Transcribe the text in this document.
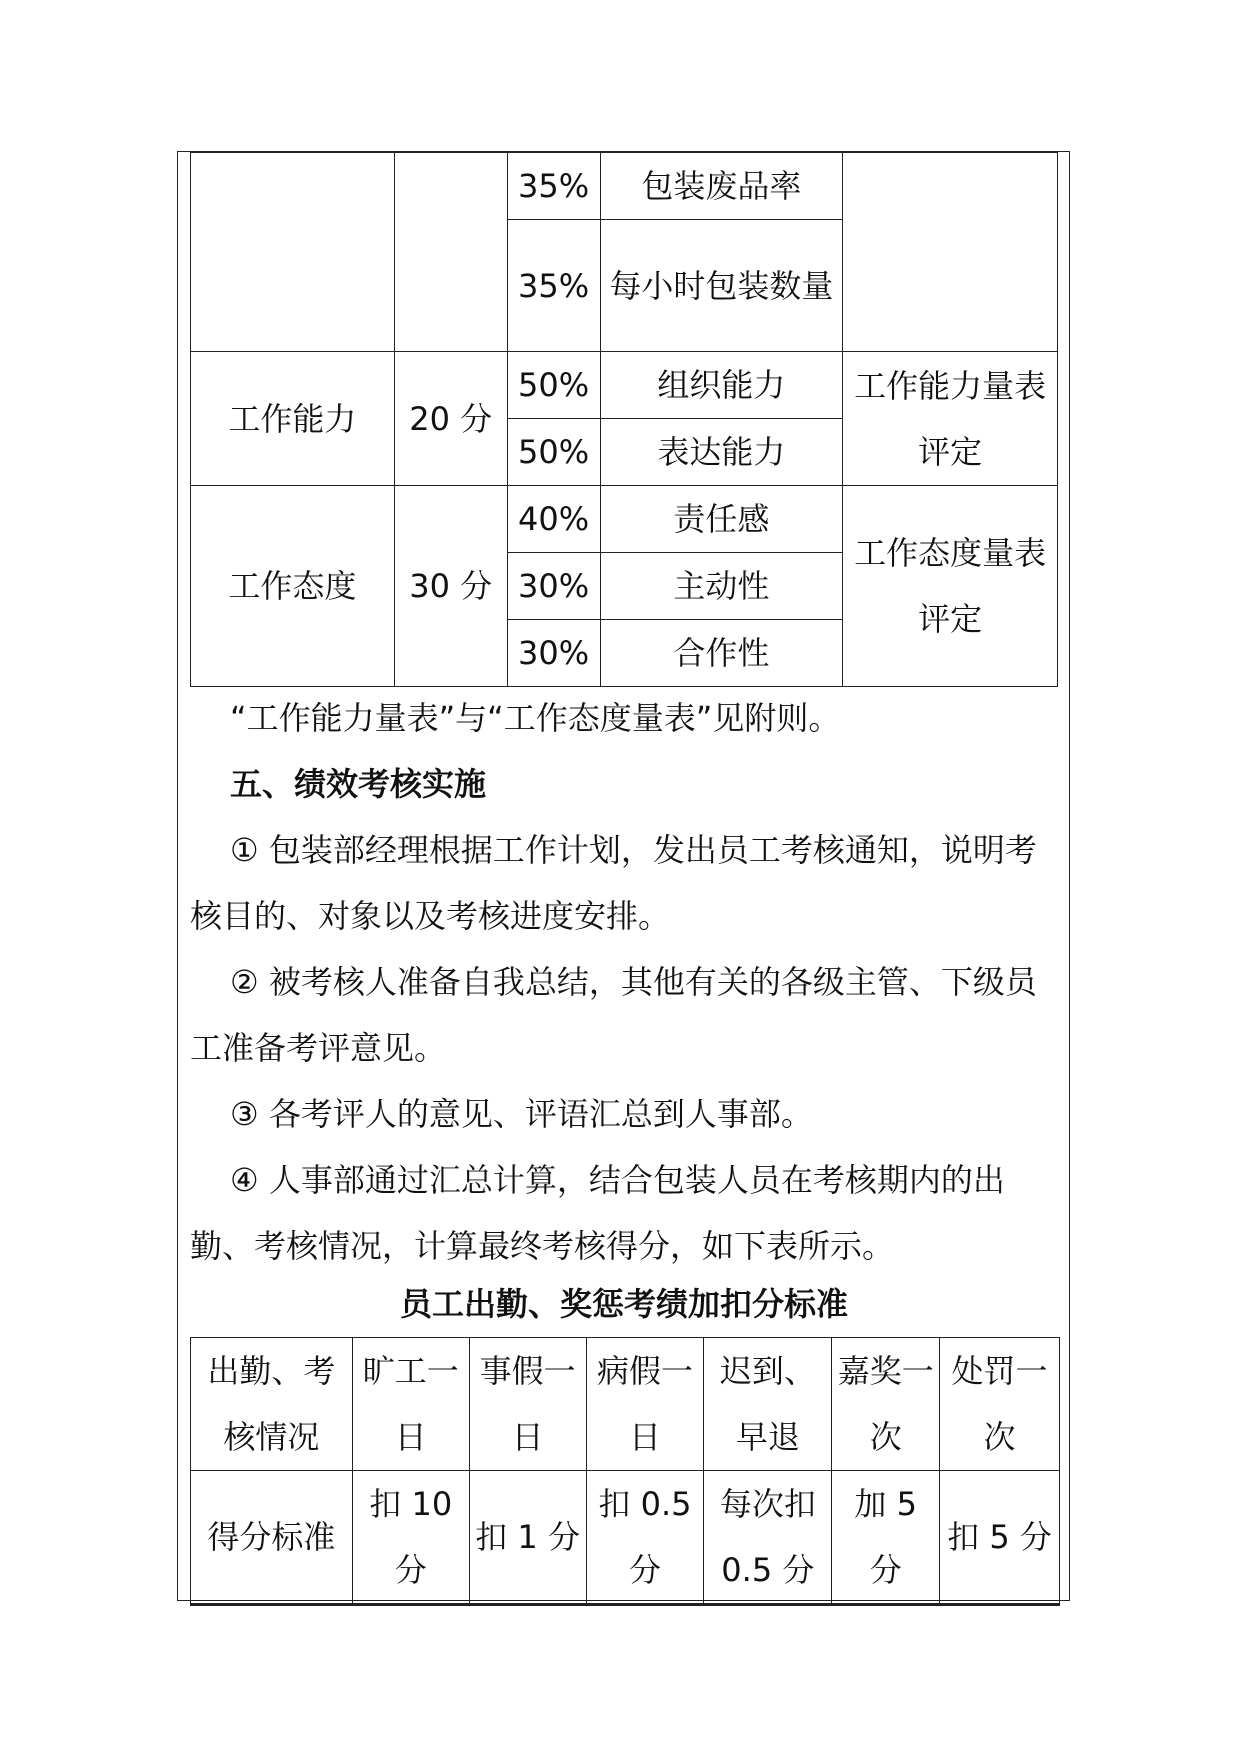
		35%	包装废品率	
		35%	每小时包装数量	
工作能力	20 分	50%	组织能力	工作能力量表评定
		50%	表达能力	
工作态度	30 分	40%	责任感	工作态度量表评定
		30%	主动性	
		30%	合作性	

“工作能力量表”与“工作态度量表”见附则。

五、绩效考核实施

① 包装部经理根据工作计划，发出员工考核通知，说明考核目的、对象以及考核进度安排。

② 被考核人准备自我总结，其他有关的各级主管、下级员工准备考评意见。

③ 各考评人的意见、评语汇总到人事部。

④ 人事部通过汇总计算，结合包装人员在考核期内的出勤、考核情况，计算最终考核得分，如下表所示。

员工出勤、奖惩考绩加扣分标准

出勤、考核情况	旷工一日	事假一日	病假一日	迟到、早退	嘉奖一次	处罚一次
得分标准	扣 10 分	扣 1 分	扣 0.5 分	每次扣 0.5 分	加 5 分	扣 5 分
